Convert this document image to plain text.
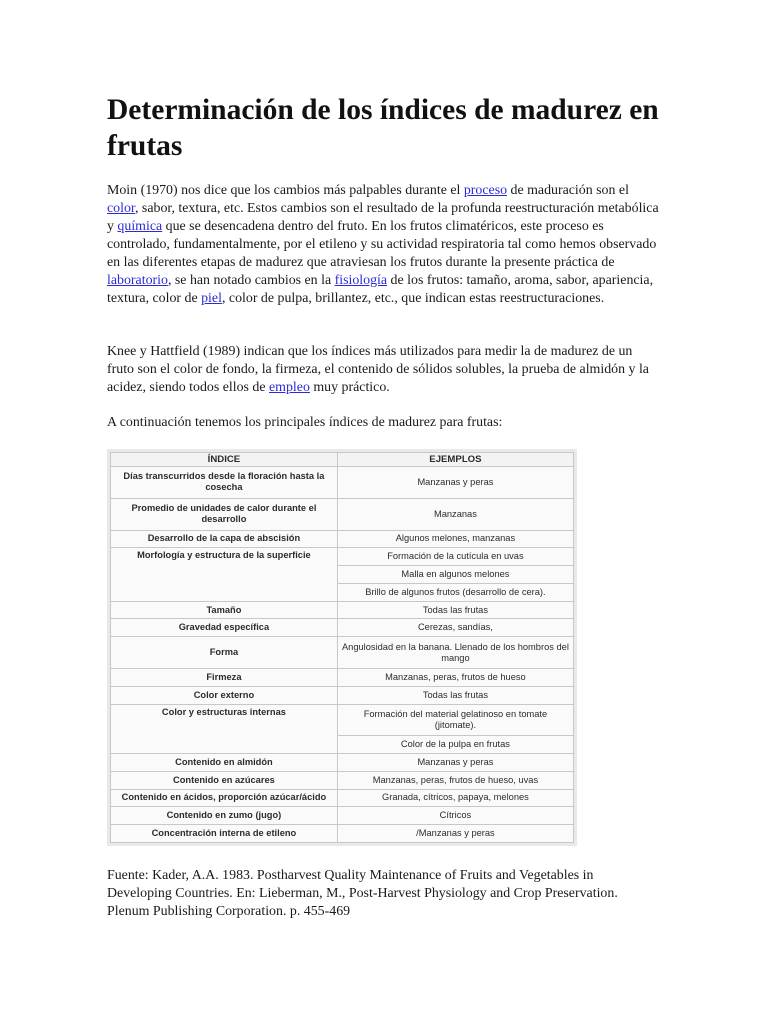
Determinación de los índices de madurez en frutas

Moin (1970) nos dice que los cambios más palpables durante el proceso de maduración son el color, sabor, textura, etc. Estos cambios son el resultado de la profunda reestructuración metabólica y química que se desencadena dentro del fruto. En los frutos climatéricos, este proceso es controlado, fundamentalmente, por el etileno y su actividad respiratoria tal como hemos observado en las diferentes etapas de madurez que atraviesan los frutos durante la presente práctica de laboratorio, se han notado cambios en la fisiología de los frutos: tamaño, aroma, sabor, apariencia, textura, color de piel, color de pulpa, brillantez, etc., que indican estas reestructuraciones.

Knee y Hattfield (1989) indican que los índices más utilizados para medir la de madurez de un fruto son el color de fondo, la firmeza, el contenido de sólidos solubles, la prueba de almidón y la acidez, siendo todos ellos de empleo muy práctico.

A continuación tenemos los principales índices de madurez para frutas:

ÍNDICE	EJEMPLOS
Días transcurridos desde la floración hasta la cosecha	Manzanas y peras
Promedio de unidades de calor durante el desarrollo	Manzanas
Desarrollo de la capa de abscisión	Algunos melones, manzanas
Morfología y estructura de la superficie	Formación de la cutícula en uvas
	Malla en algunos melones
	Brillo de algunos frutos (desarrollo de cera).
Tamaño	Todas las frutas
Gravedad específica	Cerezas, sandías,
Forma	Angulosidad en la banana. Llenado de los hombros del mango
Firmeza	Manzanas, peras, frutos de hueso
Color externo	Todas las frutas
Color y estructuras internas	Formación del material gelatinoso en tomate (jitomate).
	Color de la pulpa en frutas
Contenido en almidón	Manzanas y peras
Contenido en azúcares	Manzanas, peras, frutos de hueso, uvas
Contenido en ácidos, proporción azúcar/ácido	Granada, cítricos, papaya, melones
Contenido en zumo (jugo)	Cítricos
Concentración interna de etileno	/Manzanas y peras

Fuente: Kader, A.A. 1983. Postharvest Quality Maintenance of Fruits and Vegetables in Developing Countries. En: Lieberman, M., Post-Harvest Physiology and Crop Preservation. Plenum Publishing Corporation. p. 455-469
